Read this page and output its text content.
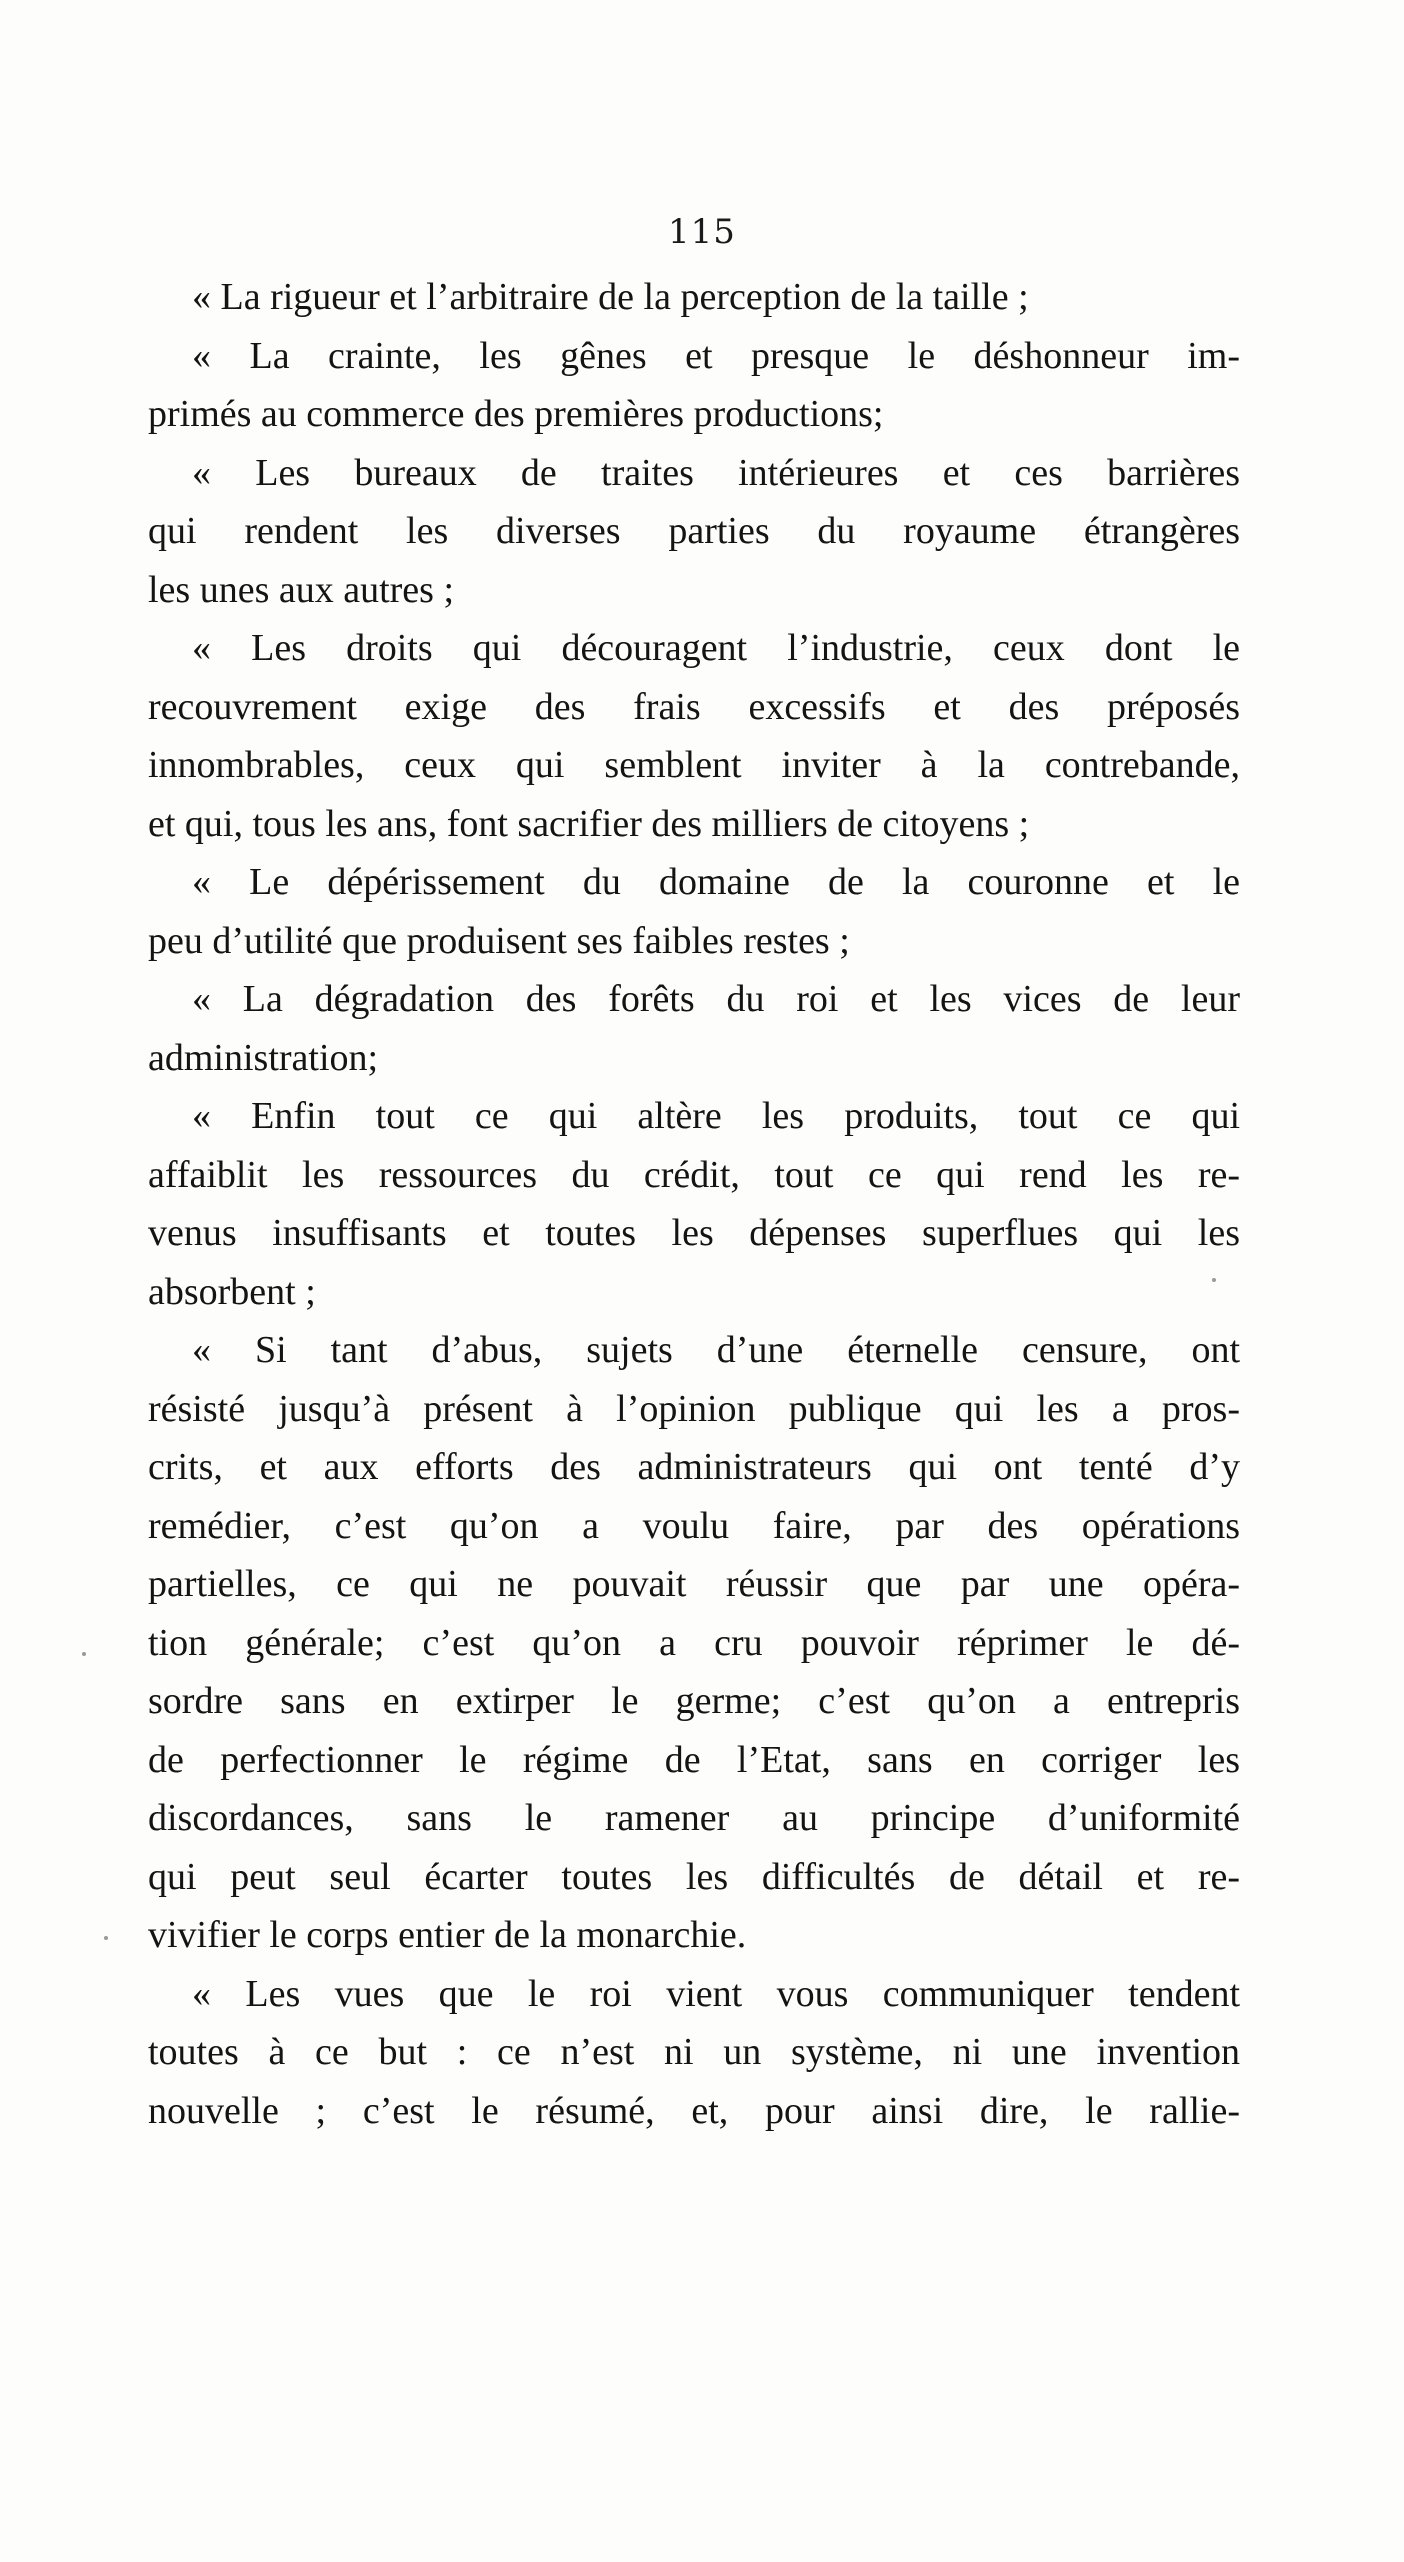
115
« La rigueur et l’arbitraire de la perception de la taille ;
« La crainte, les gênes et presque le déshonneur im-
primés au commerce des premières productions;
« Les bureaux de traites intérieures et ces barrières
qui rendent les diverses parties du royaume étrangères
les unes aux autres ;
« Les droits qui découragent l’industrie, ceux dont le
recouvrement exige des frais excessifs et des préposés
innombrables, ceux qui semblent inviter à la contrebande,
et qui, tous les ans, font sacrifier des milliers de citoyens ;
« Le dépérissement du domaine de la couronne et le
peu d’utilité que produisent ses faibles restes ;
« La dégradation des forêts du roi et les vices de leur
administration;
« Enfin tout ce qui altère les produits, tout ce qui
affaiblit les ressources du crédit, tout ce qui rend les re-
venus insuffisants et toutes les dépenses superflues qui les
absorbent ;
« Si tant d’abus, sujets d’une éternelle censure, ont
résisté jusqu’à présent à l’opinion publique qui les a pros-
crits, et aux efforts des administrateurs qui ont tenté d’y
remédier, c’est qu’on a voulu faire, par des opérations
partielles, ce qui ne pouvait réussir que par une opéra-
tion générale; c’est qu’on a cru pouvoir réprimer le dé-
sordre sans en extirper le germe; c’est qu’on a entrepris
de perfectionner le régime de l’Etat, sans en corriger les
discordances, sans le ramener au principe d’uniformité
qui peut seul écarter toutes les difficultés de détail et re-
vivifier le corps entier de la monarchie.
« Les vues que le roi vient vous communiquer tendent
toutes à ce but : ce n’est ni un système, ni une invention
nouvelle ; c’est le résumé, et, pour ainsi dire, le rallie-
